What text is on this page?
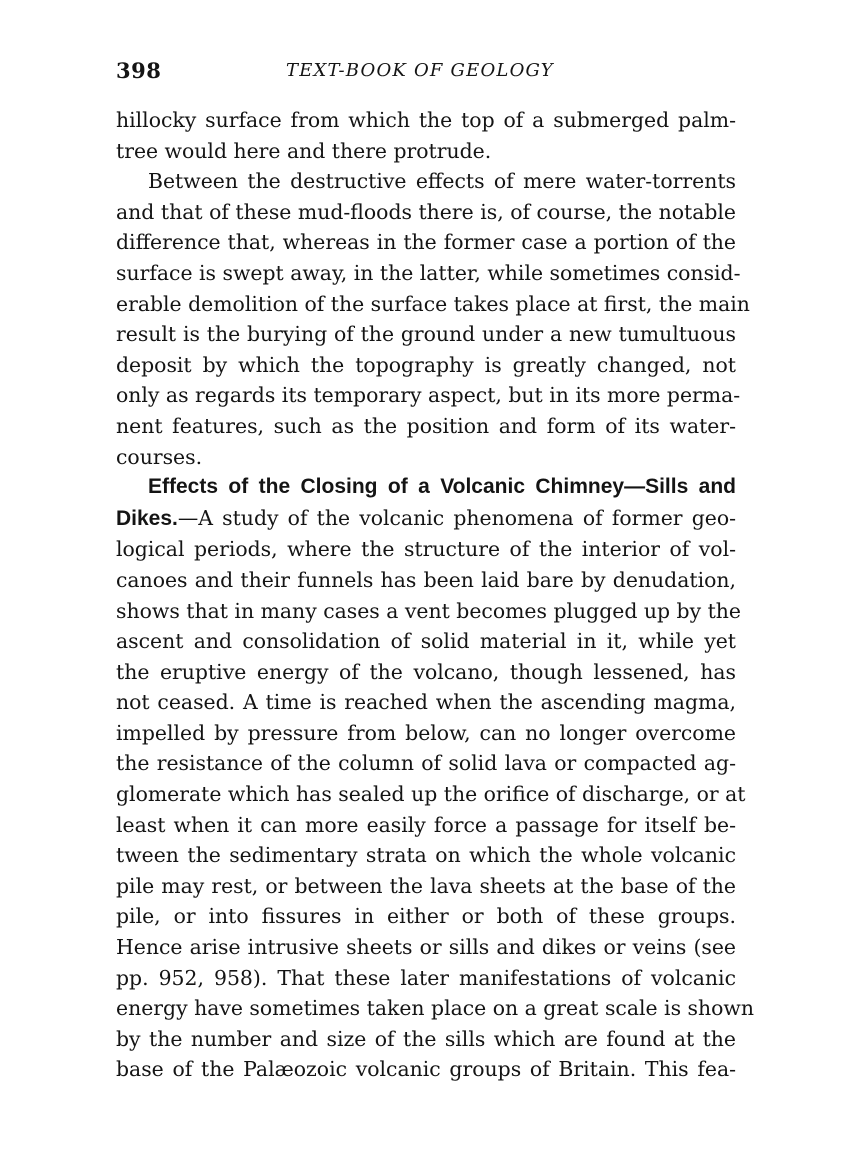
398	TEXT-BOOK OF GEOLOGY
hillocky surface from which the top of a submerged palm-
tree would here and there protrude.
Between the destructive effects of mere water-torrents
and that of these mud-floods there is, of course, the notable
difference that, whereas in the former case a portion of the
surface is swept away, in the latter, while sometimes consid-
erable demolition of the surface takes place at first, the main
result is the burying of the ground under a new tumultuous
deposit by which the topography is greatly changed, not
only as regards its temporary aspect, but in its more perma-
nent features, such as the position and form of its water-
courses.
Effects of the Closing of a Volcanic Chimney—Sills and
Dikes.—A study of the volcanic phenomena of former geo-
logical periods, where the structure of the interior of vol-
canoes and their funnels has been laid bare by denudation,
shows that in many cases a vent becomes plugged up by the
ascent and consolidation of solid material in it, while yet
the eruptive energy of the volcano, though lessened, has
not ceased. A time is reached when the ascending magma,
impelled by pressure from below, can no longer overcome
the resistance of the column of solid lava or compacted ag-
glomerate which has sealed up the orifice of discharge, or at
least when it can more easily force a passage for itself be-
tween the sedimentary strata on which the whole volcanic
pile may rest, or between the lava sheets at the base of the
pile, or into fissures in either or both of these groups.
Hence arise intrusive sheets or sills and dikes or veins (see
pp. 952, 958). That these later manifestations of volcanic
energy have sometimes taken place on a great scale is shown
by the number and size of the sills which are found at the
base of the Palæozoic volcanic groups of Britain. This fea-
